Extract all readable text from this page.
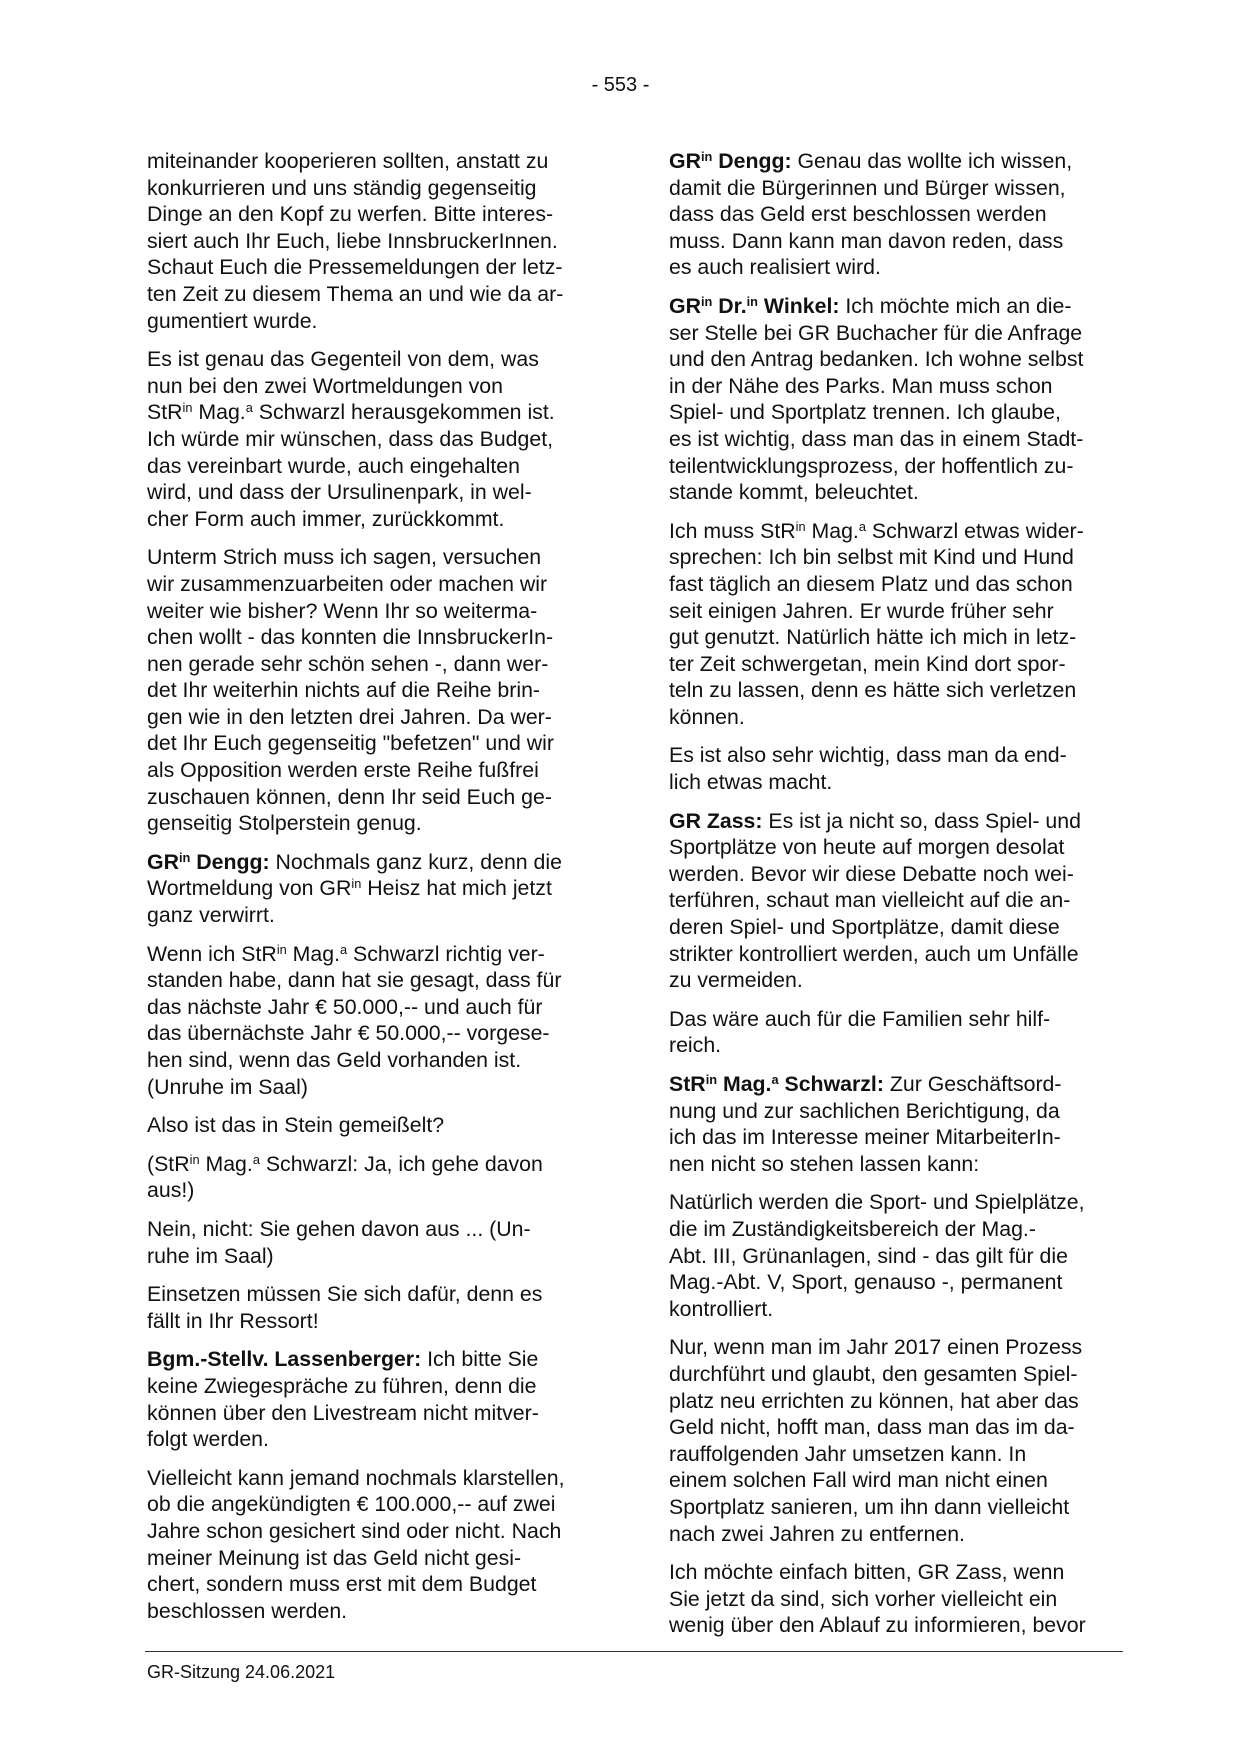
- 553 -

miteinander kooperieren sollten, anstatt zu
konkurrieren und uns ständig gegenseitig
Dinge an den Kopf zu werfen. Bitte interes-
siert auch Ihr Euch, liebe InnsbruckerInnen.
Schaut Euch die Pressemeldungen der letz-
ten Zeit zu diesem Thema an und wie da ar-
gumentiert wurde.

Es ist genau das Gegenteil von dem, was
nun bei den zwei Wortmeldungen von
StR$^{in}$ Mag.$^a$ Schwarzl herausgekommen ist.
Ich würde mir wünschen, dass das Budget,
das vereinbart wurde, auch eingehalten
wird, und dass der Ursulinenpark, in wel-
cher Form auch immer, zurückkommt.

Unterm Strich muss ich sagen, versuchen
wir zusammenzuarbeiten oder machen wir
weiter wie bisher? Wenn Ihr so weiterma-
chen wollt - das konnten die InnsbruckerIn-
nen gerade sehr schön sehen -, dann wer-
det Ihr weiterhin nichts auf die Reihe brin-
gen wie in den letzten drei Jahren. Da wer-
det Ihr Euch gegenseitig "befetzen" und wir
als Opposition werden erste Reihe fußfrei
zuschauen können, denn Ihr seid Euch ge-
genseitig Stolperstein genug.

$GR^{in}$ Dengg: Nochmals ganz kurz, denn die
Wortmeldung von $GR^{in}$ Heisz hat mich jetzt
ganz verwirrt.

Wenn ich StR$^{in}$ Mag.$^a$ Schwarzl richtig ver-
standen habe, dann hat sie gesagt, dass für
das nächste Jahr € 50.000,-- und auch für
das übernächste Jahr € 50.000,-- vorgese-
hen sind, wenn das Geld vorhanden ist.
(Unruhe im Saal)

Also ist das in Stein gemeißelt?

(StR$^{in}$ Mag.$^a$ Schwarzl: Ja, ich gehe davon
aus!)

Nein, nicht: Sie gehen davon aus ... (Un-
ruhe im Saal)

Einsetzen müssen Sie sich dafür, denn es
fällt in Ihr Ressort!

Bgm.-Stellv. Lassenberger: Ich bitte Sie
keine Zwiegespräche zu führen, denn die
können über den Livestream nicht mitver-
folgt werden.

Vielleicht kann jemand nochmals klarstellen,
ob die angekündigten € 100.000,-- auf zwei
Jahre schon gesichert sind oder nicht. Nach
meiner Meinung ist das Geld nicht gesi-
chert, sondern muss erst mit dem Budget
beschlossen werden.

$GR^{in}$ Dengg: Genau das wollte ich wissen,
damit die Bürgerinnen und Bürger wissen,
dass das Geld erst beschlossen werden
muss. Dann kann man davon reden, dass
es auch realisiert wird.

$GR^{in}$ Dr.$^{in}$ Winkel: Ich möchte mich an die-
ser Stelle bei GR Buchacher für die Anfrage
und den Antrag bedanken. Ich wohne selbst
in der Nähe des Parks. Man muss schon
Spiel- und Sportplatz trennen. Ich glaube,
es ist wichtig, dass man das in einem Stadt-
teilentwicklungsprozess, der hoffentlich zu-
stande kommt, beleuchtet.

Ich muss StR$^{in}$ Mag.$^a$ Schwarzl etwas wider-
sprechen: Ich bin selbst mit Kind und Hund
fast täglich an diesem Platz und das schon
seit einigen Jahren. Er wurde früher sehr
gut genutzt. Natürlich hätte ich mich in letz-
ter Zeit schwergetan, mein Kind dort spor-
teln zu lassen, denn es hätte sich verletzen
können.

Es ist also sehr wichtig, dass man da end-
lich etwas macht.

GR Zass: Es ist ja nicht so, dass Spiel- und
Sportplätze von heute auf morgen desolat
werden. Bevor wir diese Debatte noch wei-
terführen, schaut man vielleicht auf die an-
deren Spiel- und Sportplätze, damit diese
strikter kontrolliert werden, auch um Unfälle
zu vermeiden.

Das wäre auch für die Familien sehr hilf-
reich.

StR$^{in}$ Mag.$^a$ Schwarzl: Zur Geschäftsord-
nung und zur sachlichen Berichtigung, da
ich das im Interesse meiner MitarbeiterIn-
nen nicht so stehen lassen kann:

Natürlich werden die Sport- und Spielplätze,
die im Zuständigkeitsbereich der Mag.-
Abt. III, Grünanlagen, sind - das gilt für die
Mag.-Abt. V, Sport, genauso -, permanent
kontrolliert.

Nur, wenn man im Jahr 2017 einen Prozess
durchführt und glaubt, den gesamten Spiel-
platz neu errichten zu können, hat aber das
Geld nicht, hofft man, dass man das im da-
rauffolgenden Jahr umsetzen kann. In
einem solchen Fall wird man nicht einen
Sportplatz sanieren, um ihn dann vielleicht
nach zwei Jahren zu entfernen.

Ich möchte einfach bitten, GR Zass, wenn
Sie jetzt da sind, sich vorher vielleicht ein
wenig über den Ablauf zu informieren, bevor

GR-Sitzung 24.06.2021
